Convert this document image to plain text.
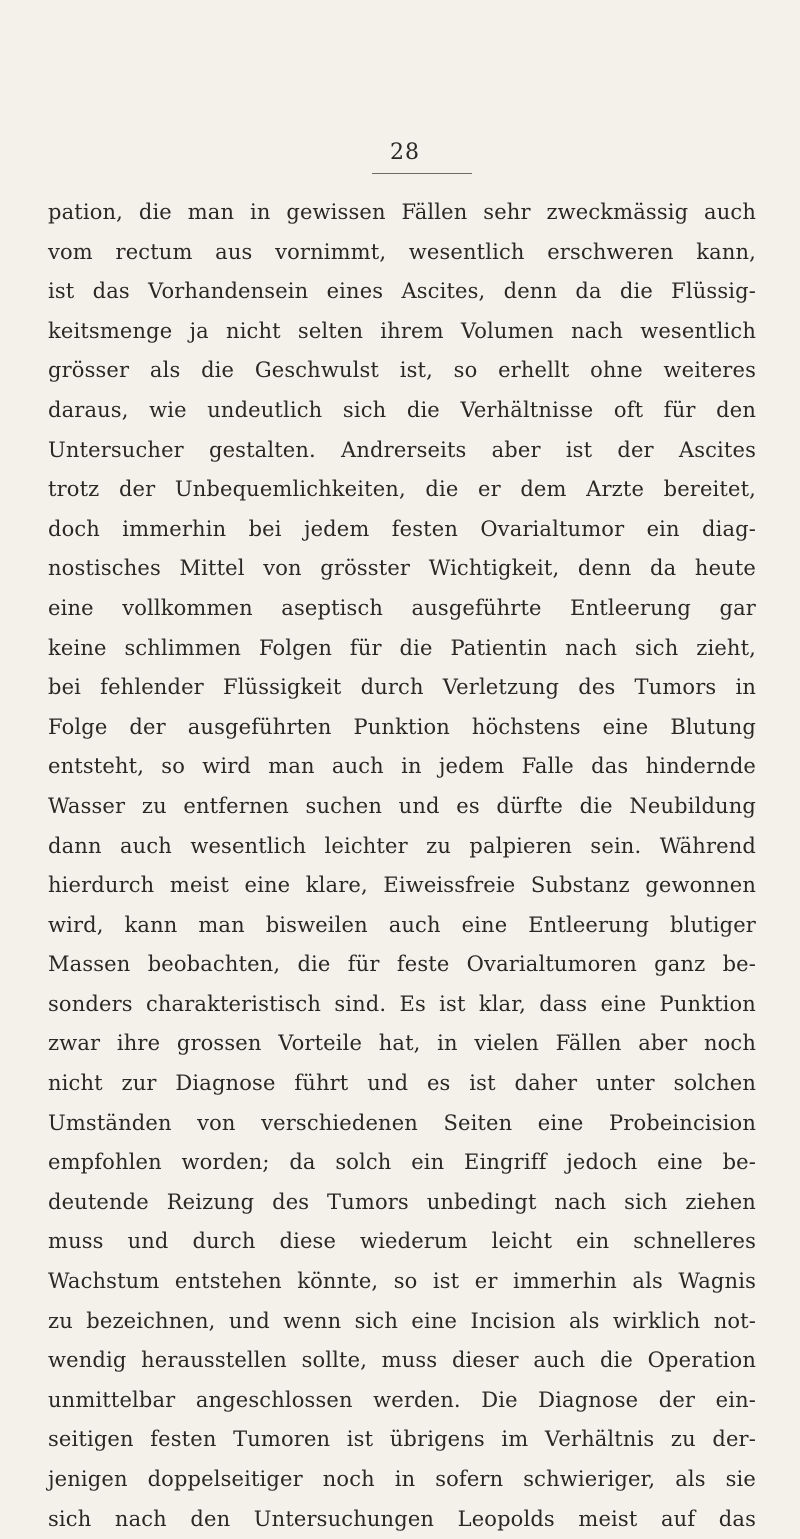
28
pation, die man in gewissen Fällen sehr zweckmässig auch
vom rectum aus vornimmt, wesentlich erschweren kann,
ist das Vorhandensein eines Ascites, denn da die Flüssig-
keitsmenge ja nicht selten ihrem Volumen nach wesentlich
grösser als die Geschwulst ist, so erhellt ohne weiteres
daraus, wie undeutlich sich die Verhältnisse oft für den
Untersucher gestalten. Andrerseits aber ist der Ascites
trotz der Unbequemlichkeiten, die er dem Arzte bereitet,
doch immerhin bei jedem festen Ovarialtumor ein diag-
nostisches Mittel von grösster Wichtigkeit, denn da heute
eine vollkommen aseptisch ausgeführte Entleerung gar
keine schlimmen Folgen für die Patientin nach sich zieht,
bei fehlender Flüssigkeit durch Verletzung des Tumors in
Folge der ausgeführten Punktion höchstens eine Blutung
entsteht, so wird man auch in jedem Falle das hindernde
Wasser zu entfernen suchen und es dürfte die Neubildung
dann auch wesentlich leichter zu palpieren sein. Während
hierdurch meist eine klare, Eiweissfreie Substanz gewonnen
wird, kann man bisweilen auch eine Entleerung blutiger
Massen beobachten, die für feste Ovarialtumoren ganz be-
sonders charakteristisch sind. Es ist klar, dass eine Punktion
zwar ihre grossen Vorteile hat, in vielen Fällen aber noch
nicht zur Diagnose führt und es ist daher unter solchen
Umständen von verschiedenen Seiten eine Probeincision
empfohlen worden; da solch ein Eingriff jedoch eine be-
deutende Reizung des Tumors unbedingt nach sich ziehen
muss und durch diese wiederum leicht ein schnelleres
Wachstum entstehen könnte, so ist er immerhin als Wagnis
zu bezeichnen, und wenn sich eine Incision als wirklich not-
wendig herausstellen sollte, muss dieser auch die Operation
unmittelbar angeschlossen werden. Die Diagnose der ein-
seitigen festen Tumoren ist übrigens im Verhältnis zu der-
jenigen doppelseitiger noch in sofern schwieriger, als sie
sich nach den Untersuchungen Leopolds meist auf das
